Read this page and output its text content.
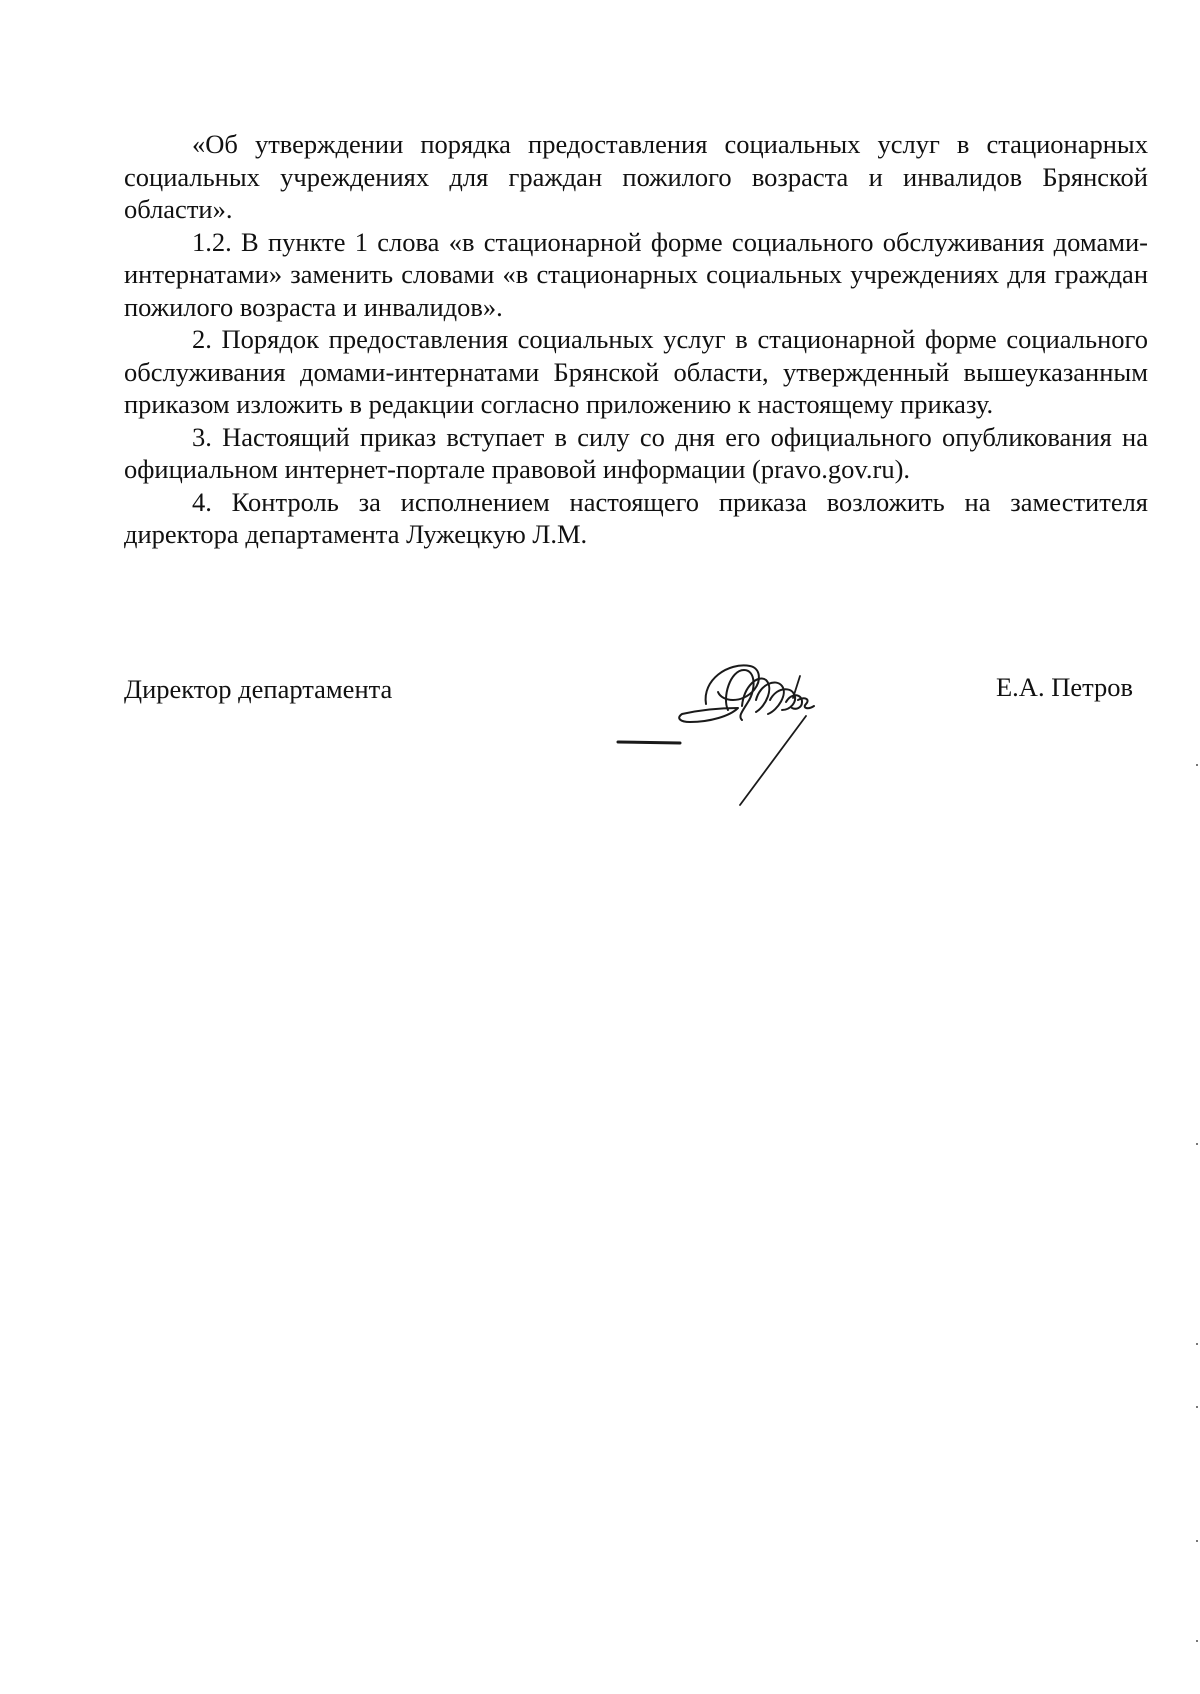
«Об утверждении порядка предоставления социальных услуг в стационарных социальных учреждениях для граждан пожилого возраста и инвалидов Брянской области».

1.2. В пункте 1 слова «в стационарной форме социального обслуживания домами-интернатами» заменить словами «в стационарных социальных учреждениях для граждан пожилого возраста и инвалидов».

2. Порядок предоставления социальных услуг в стационарной форме социального обслуживания домами-интернатами Брянской области, утвержденный вышеуказанным приказом изложить в редакции согласно приложению к настоящему приказу.

3. Настоящий приказ вступает в силу со дня его официального опубликования на официальном интернет-портале правовой информации (pravo.gov.ru).

4. Контроль за исполнением настоящего приказа возложить на заместителя директора департамента Лужецкую Л.М.

Директор департамента	Е.А. Петров
